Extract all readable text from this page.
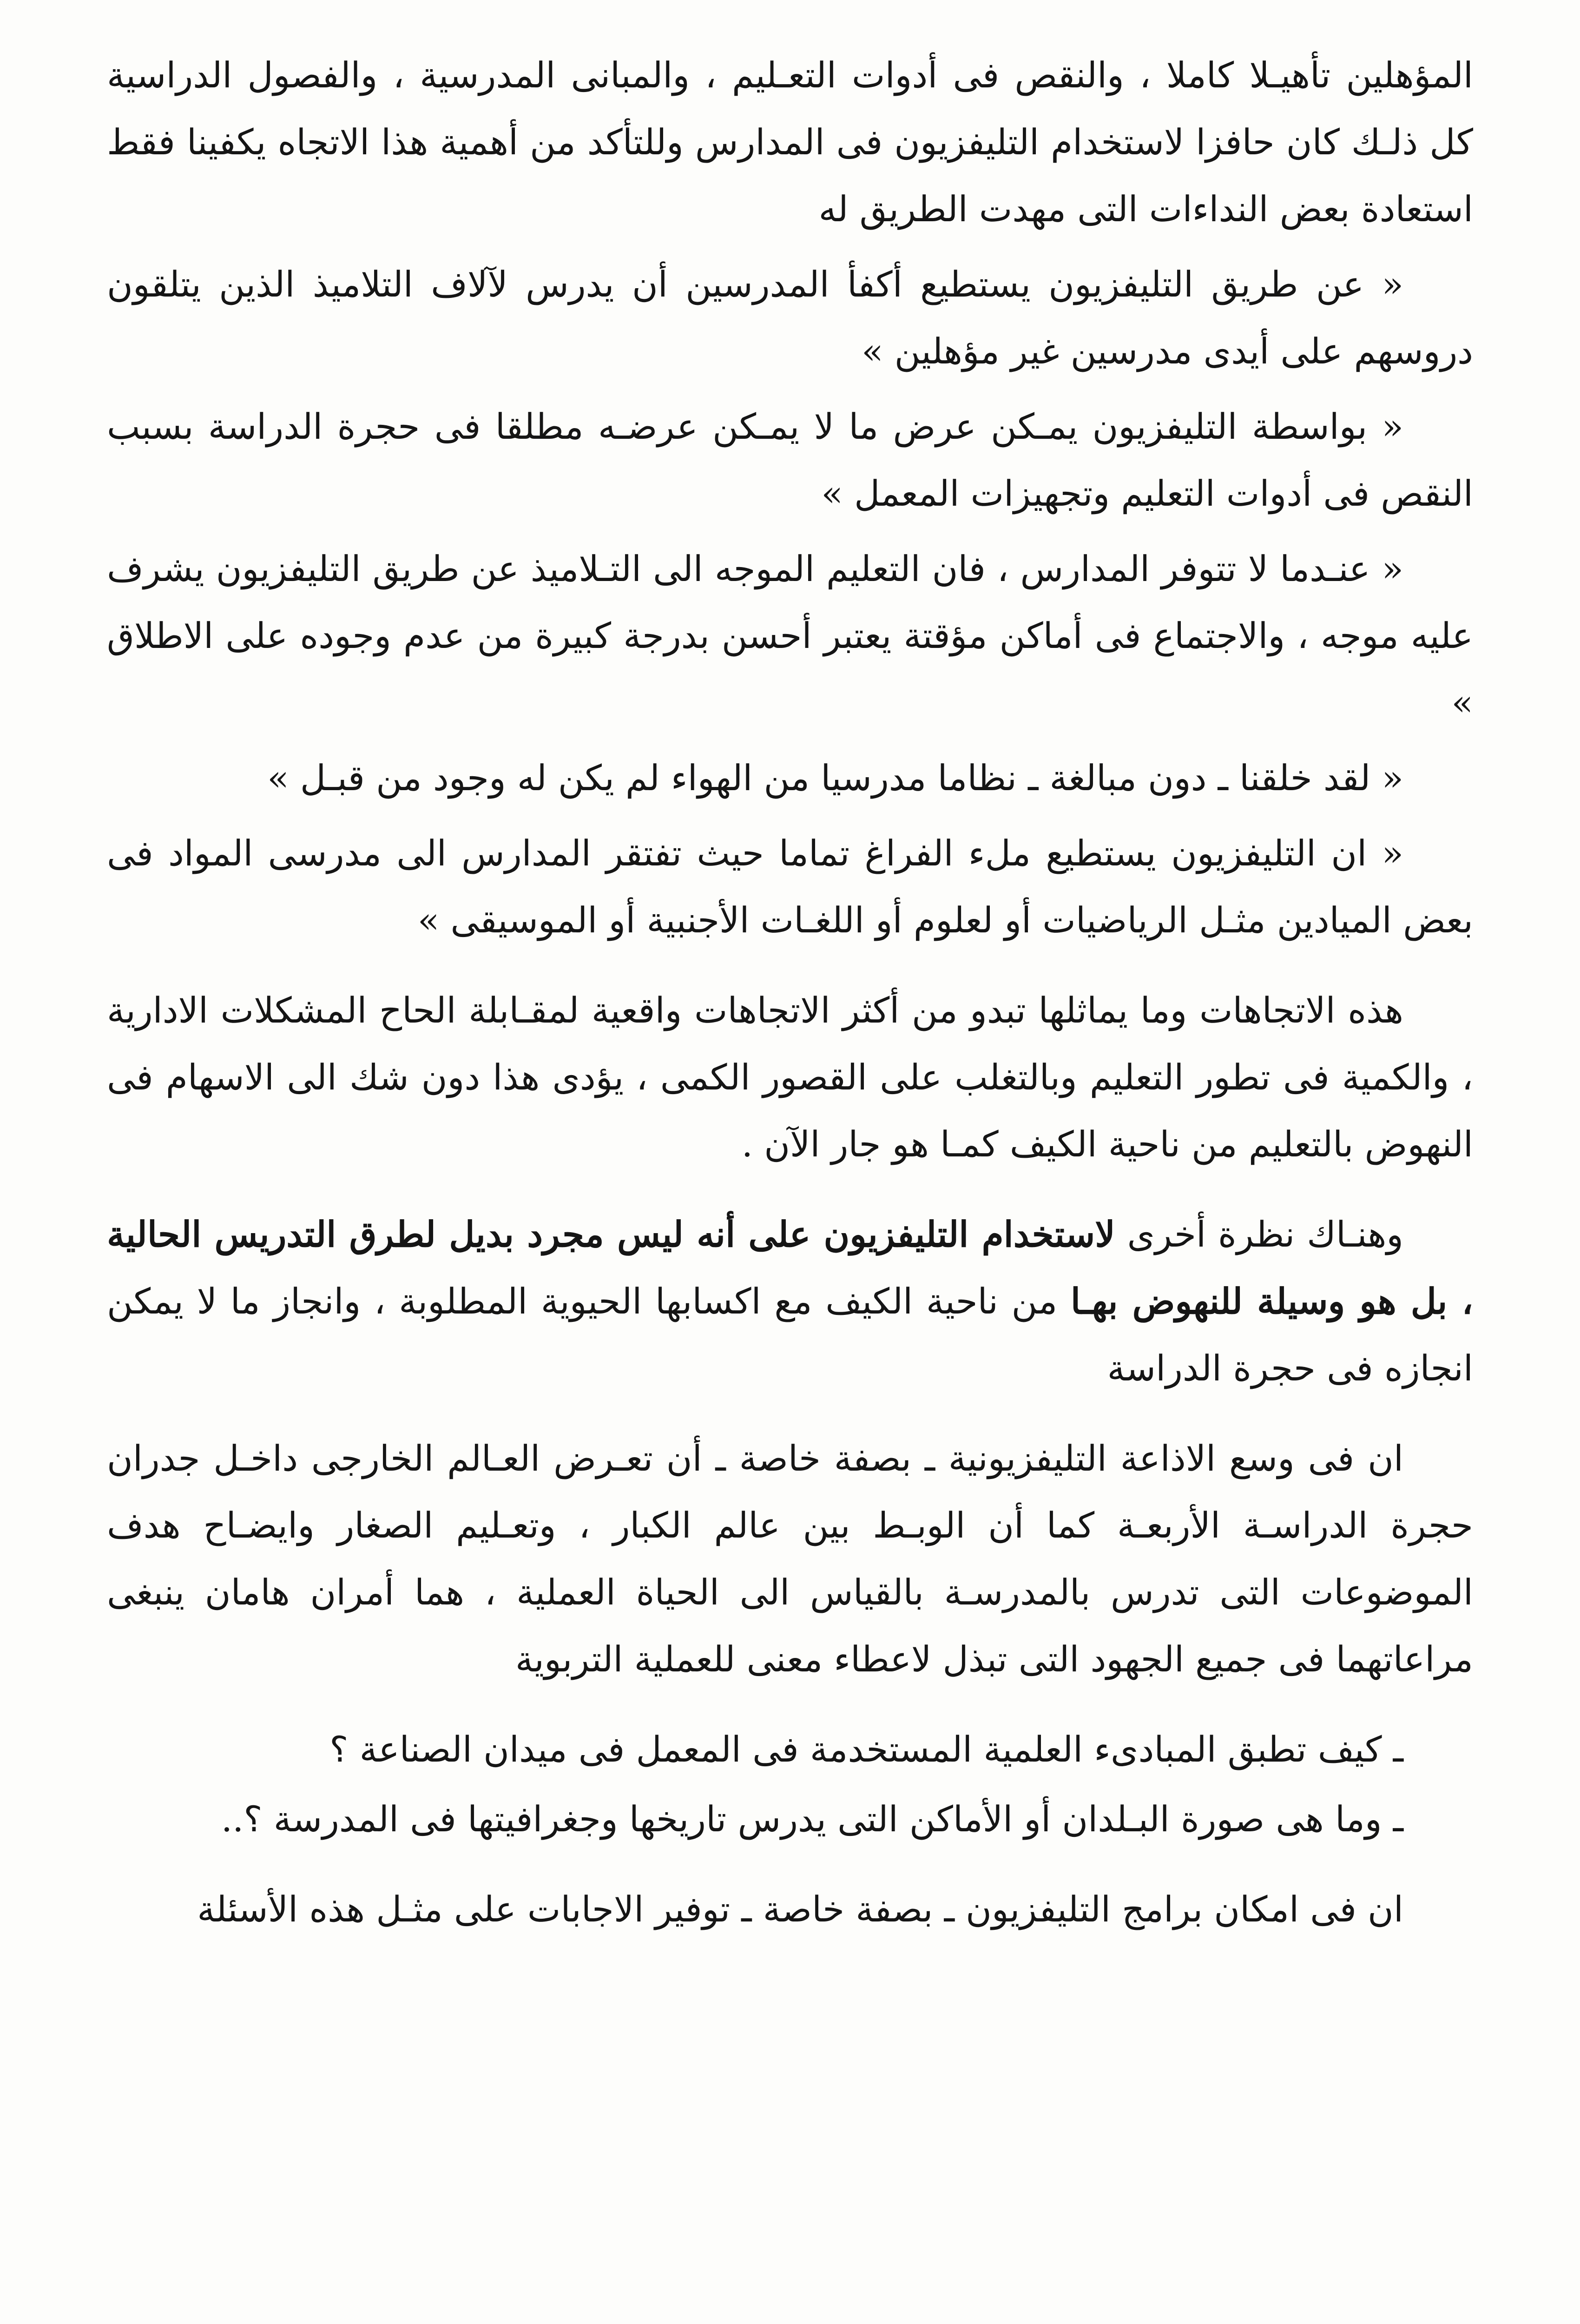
المؤهلين تأهيـلا كاملا ، والنقص فى أدوات التعـليم ، والمبانى المدرسية ، والفصول الدراسية كل ذلـك كان حافزا لاستخدام التليفزيون فى المدارس وللتأكد من أهمية هذا الاتجاه يكفينا فقط استعادة بعض النداءات التى مهدت الطريق له

« عن طريق التليفزيون يستطيع أكفأ المدرسين أن يدرس لآلاف التلاميذ الذين يتلقون دروسهم على أيدى مدرسين غير مؤهلين »

« بواسطة التليفزيون يمـكن عرض ما لا يمـكن عرضـه مطلقا فى حجرة الدراسة بسبب النقص فى أدوات التعليم وتجهيزات المعمل »

« عنـدما لا تتوفر المدارس ، فان التعليم الموجه الى التـلاميذ عن طريق التليفزيون يشرف عليه موجه ، والاجتماع فى أماكن مؤقتة يعتبر أحسن بدرجة كبيرة من عدم وجوده على الاطلاق »

« لقد خلقنا ـ دون مبالغة ـ نظاما مدرسيا من الهواء لم يكن له وجود من قبـل »

« ان التليفزيون يستطيع ملء الفراغ تماما حيث تفتقر المدارس الى مدرسى المواد فى بعض الميادين مثـل الرياضيات أو لعلوم أو اللغـات الأجنبية أو الموسيقى »

هذه الاتجاهات وما يماثلها تبدو من أكثر الاتجاهات واقعية لمقـابلة الحاح المشكلات الادارية ، والكمية فى تطور التعليم وبالتغلب على القصور الكمى ، يؤدى هذا دون شك الى الاسهام فى النهوض بالتعليم من ناحية الكيف كمـا هو جار الآن .

وهنـاك نظرة أخرى لاستخدام التليفزيون على أنه ليس مجرد بديل لطرق التدريس الحالية ، بل هو وسيلة للنهوض بهـا من ناحية الكيف مع اكسابها الحيوية المطلوبة ، وانجاز ما لا يمكن انجازه فى حجرة الدراسة

ان فى وسع الاذاعة التليفزيونية ـ بصفة خاصة ـ أن تعـرض العـالم الخارجى داخـل جدران حجرة الدراسـة الأربعـة كما أن الوبـط بين عالم الكبار ، وتعـليم الصغار وايضـاح هدف الموضوعات التى تدرس بالمدرسـة بالقياس الى الحياة العملية ، هما أمران هامان ينبغى مراعاتهما فى جميع الجهود التى تبذل لاعطاء معنى للعملية التربوية

ـ كيف تطبق المبادىء العلمية المستخدمة فى المعمل فى ميدان الصناعة ؟

ـ وما هى صورة البـلدان أو الأماكن التى يدرس تاريخها وجغرافيتها فى المدرسة ؟..

ان فى امكان برامج التليفزيون ـ بصفة خاصة ـ توفير الاجابات على مثـل هذه الأسئلة
